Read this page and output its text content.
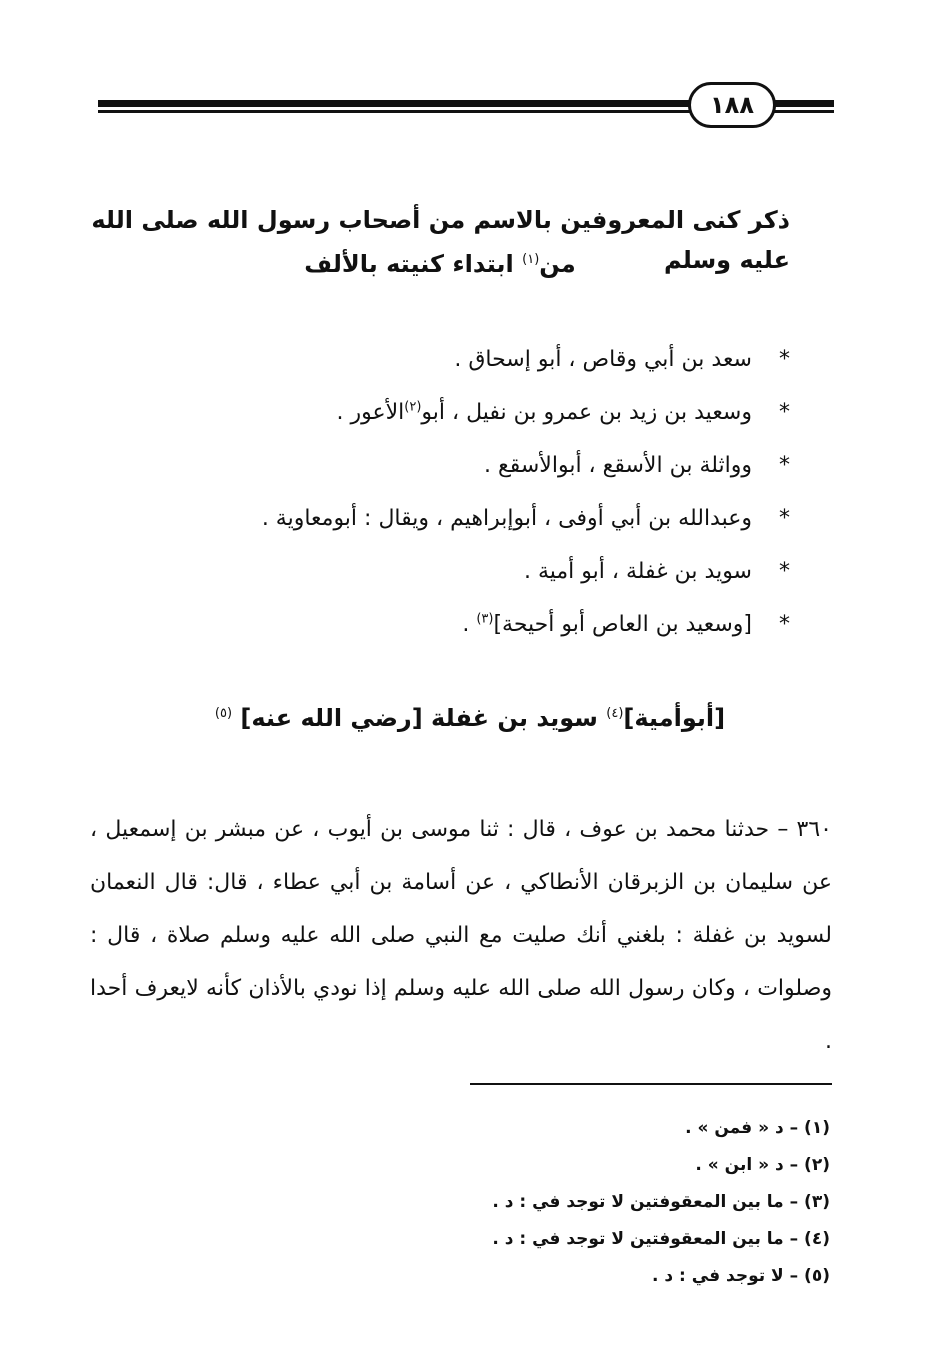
١٨٨
ذكر كنى المعروفين بالاسم من أصحاب رسول الله صلى الله عليه وسلم
من$^{(١)}$ ابتداء كنيته بالألف
*
سعد بن أبي وقاص ، أبو إسحاق .
*
وسعيد بن زيد بن عمرو بن نفيل ، أبو$^{(٢)}$الأعور .
*
وواثلة بن الأسقع ، أبوالأسقع .
*
وعبدالله بن أبي أوفى ، أبوإبراهيم ، ويقال : أبومعاوية .
*
سويد بن غفلة ، أبو أمية .
*
[وسعيد بن العاص أبو أحيحة]$^{(٣)}$ .
[أبوأمية]$^{(٤)}$ سويد بن غفلة [رضي الله عنه] $^{(٥)}$

٣٦٠ – حدثنا محمد بن عوف ، قال : ثنا موسى بن أيوب ، عن مبشر بن إسمعيل ، عن سليمان بن الزبرقان الأنطاكي ، عن أسامة بن أبي عطاء ، قال: قال النعمان لسويد بن غفلة : بلغني أنك صليت مع النبي صلى الله عليه وسلم صلاة ، قال : وصلوات ، وكان رسول الله صلى الله عليه وسلم إذا نودي بالأذان كأنه لايعرف أحدا .

(١) – د « فمن » .
(٢) – د « ابن » .
(٣) – ما بين المعقوفتين لا توجد في : د .
(٤) – ما بين المعقوفتين لا توجد في : د .
(٥) – لا توجد في : د .
